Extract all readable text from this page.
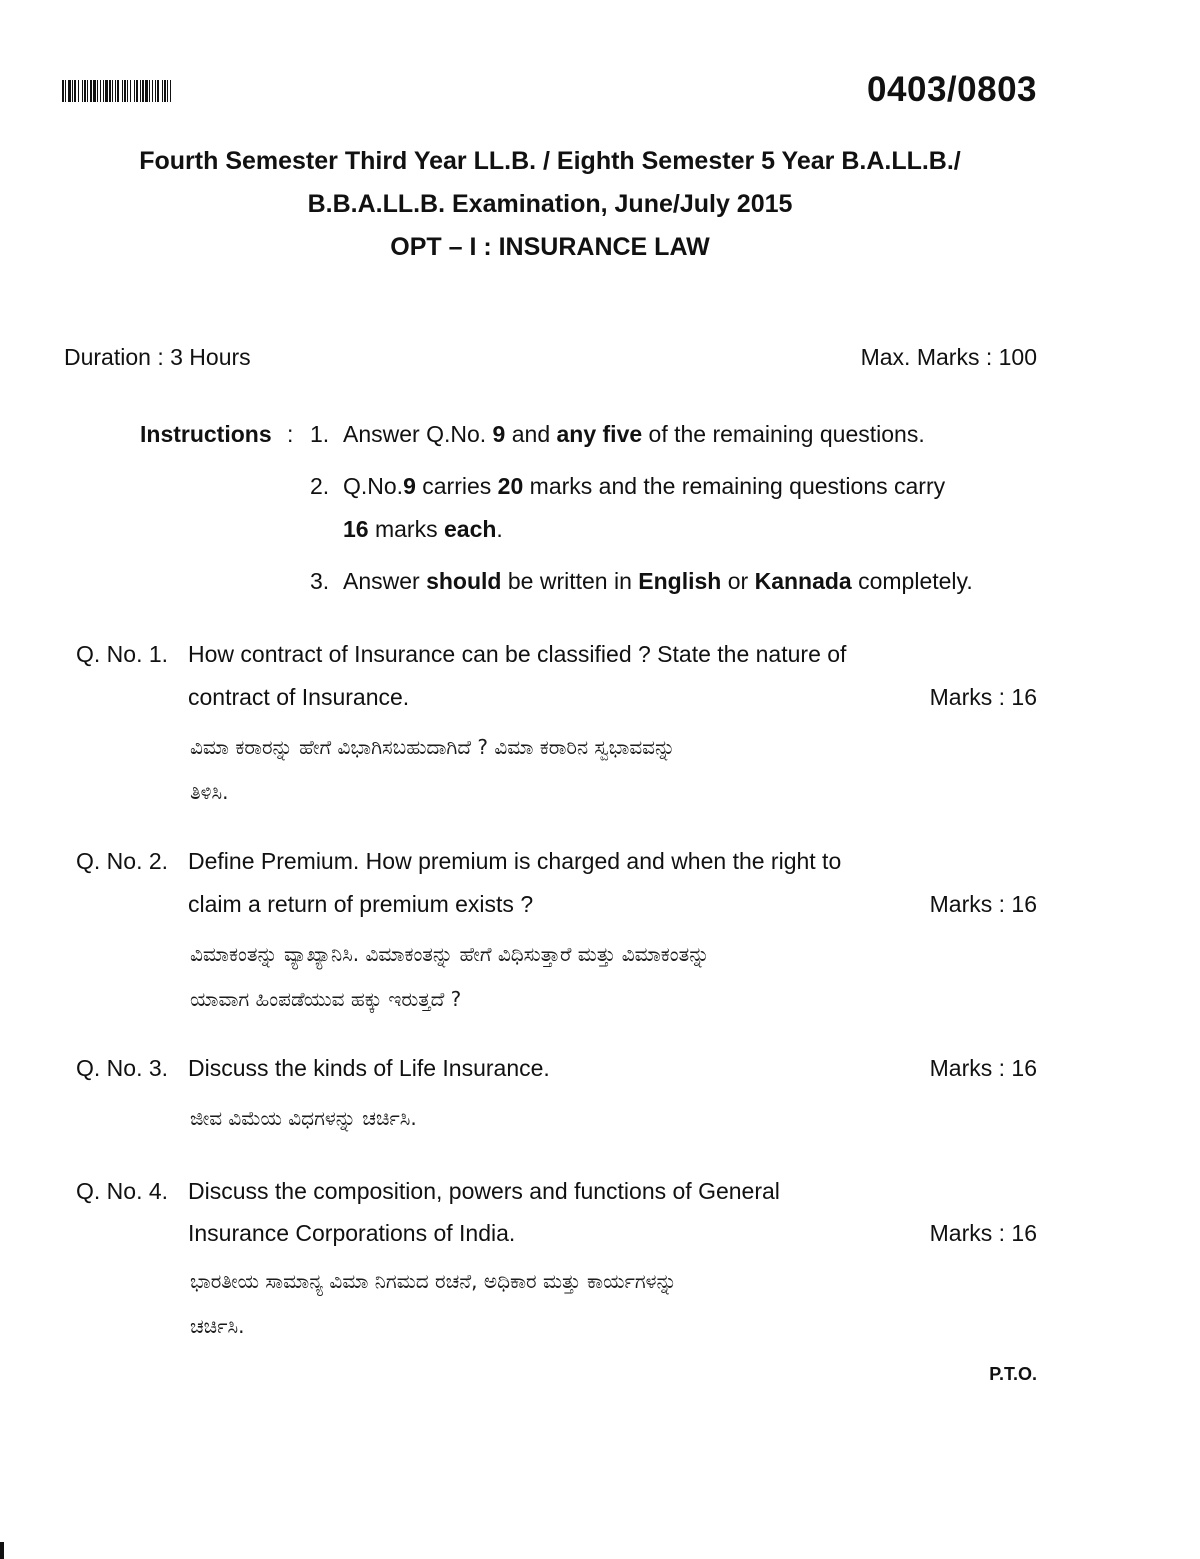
0403/0803
Fourth Semester Third Year LL.B. / Eighth Semester 5 Year B.A.LL.B./
B.B.A.LL.B. Examination, June/July 2015
OPT – I : INSURANCE LAW
Duration : 3 Hours	Max. Marks : 100
Instructions : 1. Answer Q.No. 9 and any five of the remaining questions.
2. Q.No.9 carries 20 marks and the remaining questions carry
16 marks each.
3. Answer should be written in English or Kannada completely.
Q. No. 1. How contract of Insurance can be classified ? State the nature of
contract of Insurance.	Marks : 16
ವಿಮಾ ಕರಾರನ್ನು ಹೇಗೆ ವಿಭಾಗಿಸಬಹುದಾಗಿದೆ ? ವಿಮಾ ಕರಾರಿನ ಸ್ವಭಾವವನ್ನು
ತಿಳಿಸಿ.
Q. No. 2. Define Premium. How premium is charged and when the right to
claim a return of premium exists ?	Marks : 16
ವಿಮಾಕಂತನ್ನು ವ್ಯಾಖ್ಯಾನಿಸಿ. ವಿಮಾಕಂತನ್ನು ಹೇಗೆ ವಿಧಿಸುತ್ತಾರೆ ಮತ್ತು ವಿಮಾಕಂತನ್ನು
ಯಾವಾಗ ಹಿಂಪಡೆಯುವ ಹಕ್ಕು ಇರುತ್ತದೆ ?
Q. No. 3. Discuss the kinds of Life Insurance.	Marks : 16
ಜೀವ ವಿಮೆಯ ವಿಧಗಳನ್ನು ಚರ್ಚಿಸಿ.
Q. No. 4. Discuss the composition, powers and functions of General
Insurance Corporations of India.	Marks : 16
ಭಾರತೀಯ ಸಾಮಾನ್ಯ ವಿಮಾ ನಿಗಮದ ರಚನೆ, ಅಧಿಕಾರ ಮತ್ತು ಕಾರ್ಯಗಳನ್ನು
ಚರ್ಚಿಸಿ.
P.T.O.
